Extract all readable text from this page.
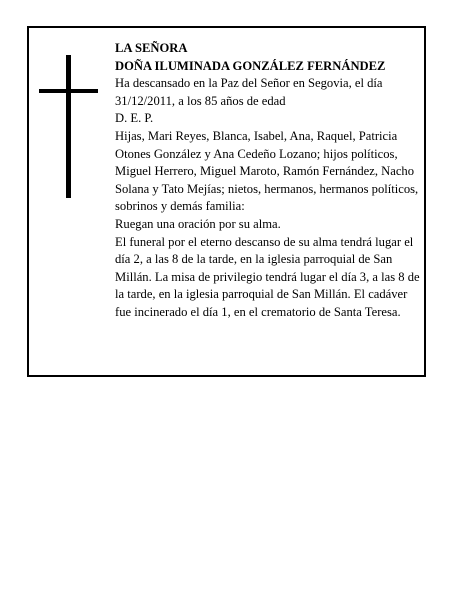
LA SEÑORA

DOÑA ILUMINADA GONZÁLEZ FERNÁNDEZ

Ha descansado en la Paz del Señor en Segovia, el día 31/12/2011, a los 85 años de edad

D. E. P.

Hijas, Mari Reyes, Blanca, Isabel, Ana, Raquel, Patricia Otones González y Ana Cedeño Lozano; hijos políticos, Miguel Herrero, Miguel Maroto, Ramón Fernández, Nacho Solana y Tato Mejías; nietos, hermanos, hermanos políticos, sobrinos y demás familia:

Ruegan una oración por su alma.

El funeral por el eterno descanso de su alma tendrá lugar el día 2, a las 8 de la tarde, en la iglesia parroquial de San Millán. La misa de privilegio tendrá lugar el día 3, a las 8 de la tarde, en la iglesia parroquial de San Millán. El cadáver fue incinerado el día 1, en el crematorio de Santa Teresa.
